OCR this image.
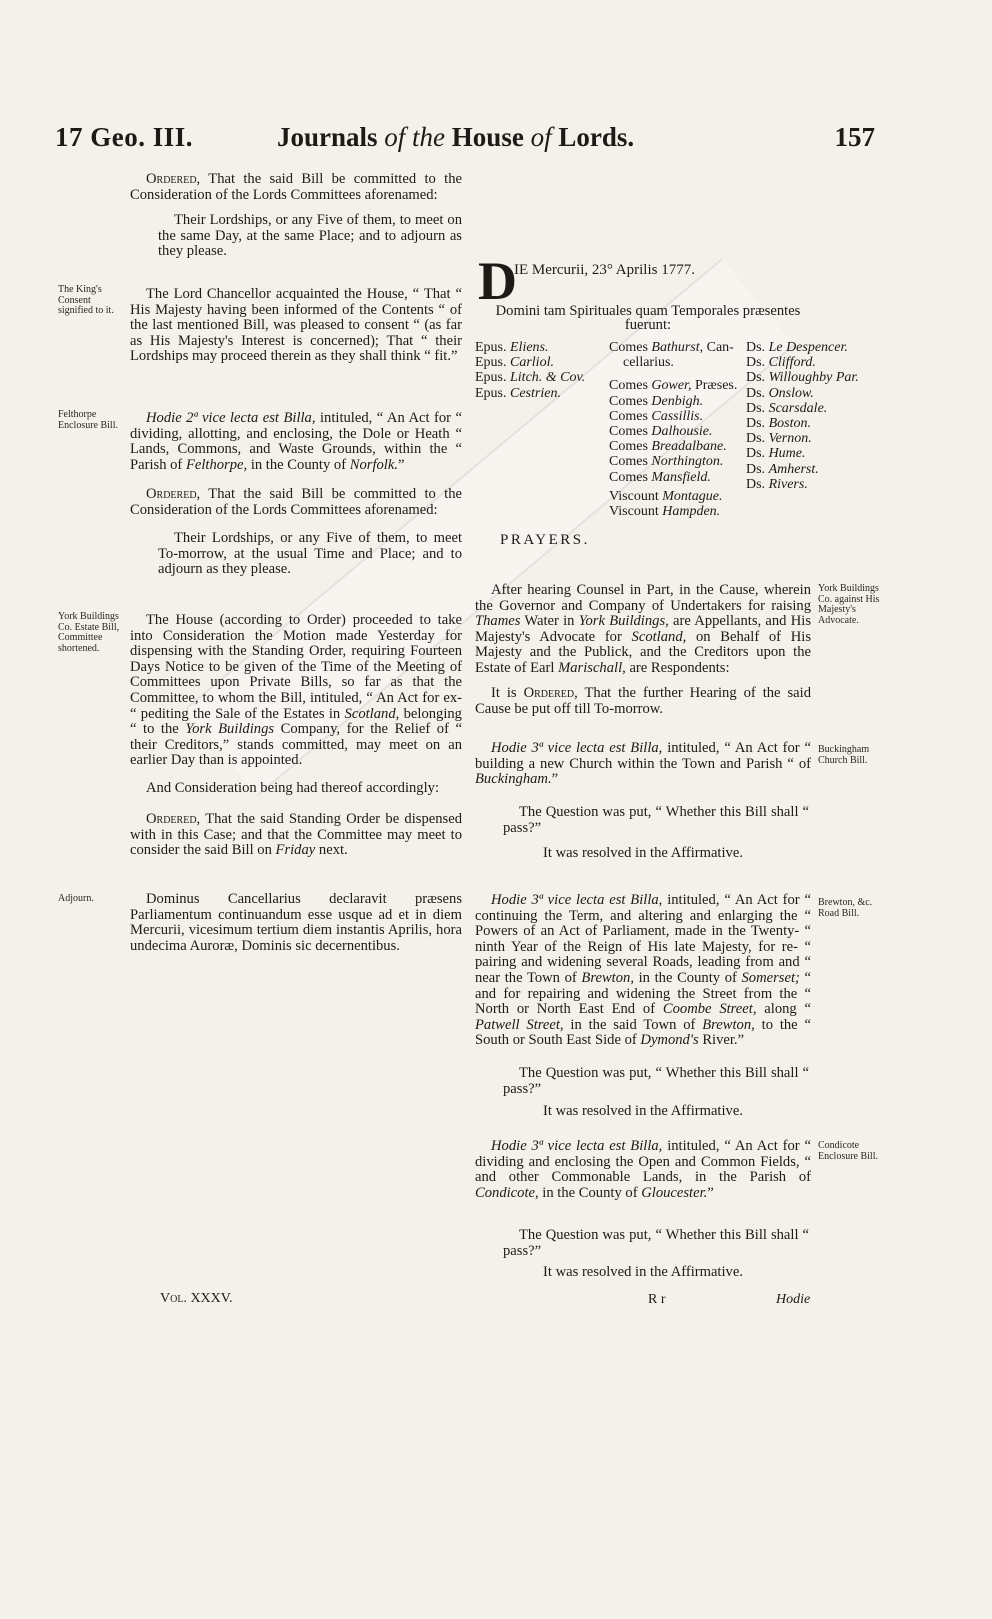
17 Geo. III.	Journals of the House of Lords.	157

Ordered, That the said Bill be committed to the Consideration of the Lords Committees aforenamed:

Their Lordships, or any Five of them, to meet on the same Day, at the same Place; and to adjourn as they please.

The King's Consent signified to it.

The Lord Chancellor acquainted the House, “ That “ His Majesty having been informed of the Contents “ of the last mentioned Bill, was pleased to consent “ (as far as His Majesty's Interest is concerned); That “ their Lordships may proceed therein as they shall think “ fit.”

Felthorpe Enclosure Bill.	Hodie 2ª vice lecta est Billa, intituled, “ An Act for “ dividing, allotting, and enclosing, the Dole or Heath “ Lands, Commons, and Waste Grounds, within the “ Parish of Felthorpe, in the County of Norfolk.”

Ordered, That the said Bill be committed to the Consideration of the Lords Committees aforenamed:

Their Lordships, or any Five of them, to meet To-morrow, at the usual Time and Place; and to adjourn as they please.

York Buildings Co. Estate Bill, Committee shortened.

The House (according to Order) proceeded to take into Consideration the Motion made Yesterday for dispensing with the Standing Order, requiring Fourteen Days Notice to be given of the Time of the Meeting of Committees upon Private Bills, so far as that the Committee, to whom the Bill, intituled, “ An Act for ex- “ pediting the Sale of the Estates in Scotland, belonging “ to the York Buildings Company, for the Relief of “ their Creditors,” stands committed, may meet on an earlier Day than is appointed.

And Consideration being had thereof accordingly:

Ordered, That the said Standing Order be dispensed with in this Case; and that the Committee may meet to consider the said Bill on Friday next.

Adjourn.	Dominus Cancellarius declaravit præsens Parliamentum continuandum esse usque ad et in diem Mercurii, vicesimum tertium diem instantis Aprilis, hora undecima Auroræ, Dominis sic decernentibus.

D
IE Mercurii, 23° Aprilis 1777.
Domini tam Spirituales quam Temporales præsentes fuerunt:
Epus. Eliens.
Epus. Carliol.
Epus. Litch. & Cov.
Epus. Cestrien.
Comes Bathurst, Can-
cellarius.
Comes Gower, Præses.
Comes Denbigh.
Comes Cassillis.
Comes Dalhousie.
Comes Breadalbane.
Comes Northington.
Comes Mansfield.
Viscount Montague.
Viscount Hampden.
Ds. Le Despencer.
Ds. Clifford.
Ds. Willoughby Par.
Ds. Onslow.
Ds. Scarsdale.
Ds. Boston.
Ds. Vernon.
Ds. Hume.
Ds. Amherst.
Ds. Rivers.
PRAYERS.
York Buildings Co. against His Majesty's Advocate.

After hearing Counsel in Part, in the Cause, wherein the Governor and Company of Undertakers for raising Thames Water in York Buildings, are Appellants, and His Majesty's Advocate for Scotland, on Behalf of His Majesty and the Publick, and the Creditors upon the Estate of Earl Marischall, are Respondents:

It is Ordered, That the further Hearing of the said Cause be put off till To-morrow.

Buckingham Church Bill.

Hodie 3ª vice lecta est Billa, intituled, “ An Act for “ building a new Church within the Town and Parish “ of Buckingham.”

The Question was put, “ Whether this Bill shall “ pass?”

It was resolved in the Affirmative.
Brewton, &c. Road Bill.

Hodie 3ª vice lecta est Billa, intituled, “ An Act for “ continuing the Term, and altering and enlarging the “ Powers of an Act of Parliament, made in the Twenty- “ ninth Year of the Reign of His late Majesty, for re- “ pairing and widening several Roads, leading from and “ near the Town of Brewton, in the County of Somerset; “ and for repairing and widening the Street from the “ North or North East End of Coombe Street, along “ Patwell Street, in the said Town of Brewton, to the “ South or South East Side of Dymond's River.”

The Question was put, “ Whether this Bill shall “ pass?”

It was resolved in the Affirmative.
Condicote Enclosure Bill.

Hodie 3ª vice lecta est Billa, intituled, “ An Act for “ dividing and enclosing the Open and Common Fields, “ and other Commonable Lands, in the Parish of Condicote, in the County of Gloucester.”

The Question was put, “ Whether this Bill shall “ pass?”

It was resolved in the Affirmative.
Vol. XXXV.	R r	Hodie
